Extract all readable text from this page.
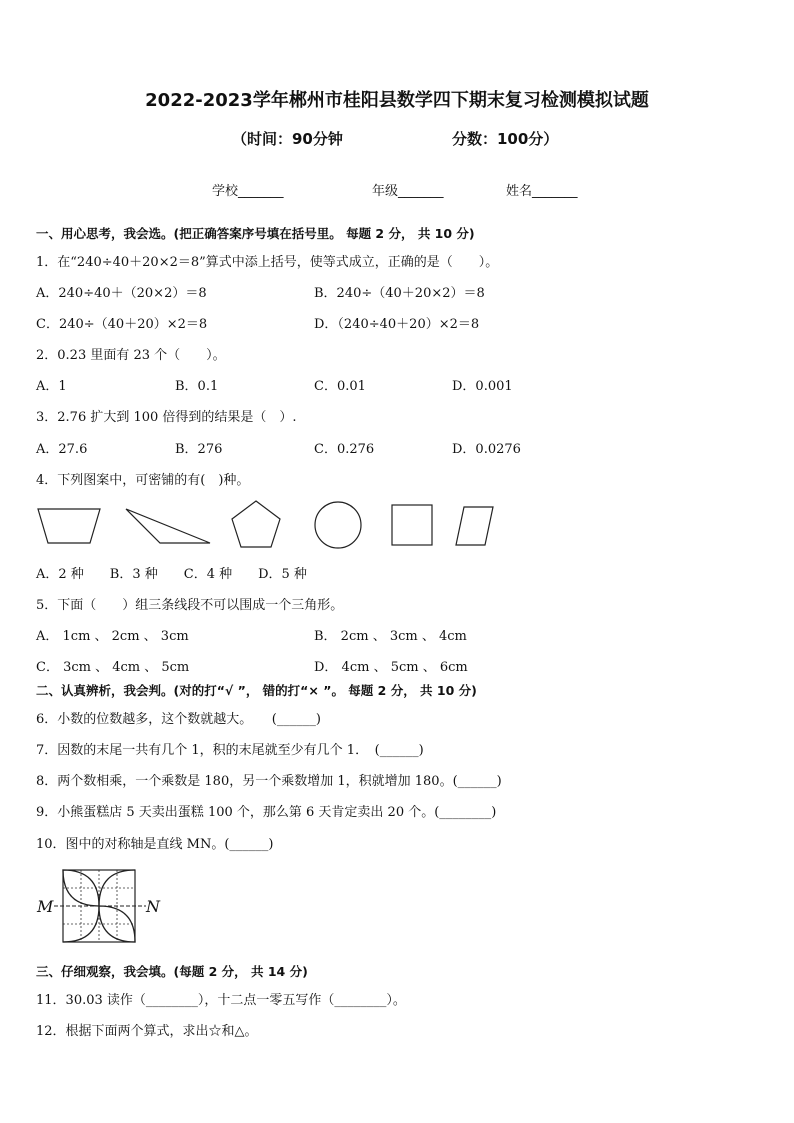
2022-2023学年郴州市桂阳县数学四下期末复习检测模拟试题
（时间：90分钟	分数：100分）
学校_______	年级_______	姓名_______
一、用心思考，我会选。(把正确答案序号填在括号里。 每题 2 分， 共 10 分)
1．在“240÷40＋20×2＝8”算式中添上括号，使等式成立，正确的是（　　）。
A．240÷40＋（20×2）＝8	B．240÷（40＋20×2）＝8
C．240÷（40＋20）×2＝8	D．（240÷40＋20）×2＝8
2．0.23 里面有 23 个（　　）。
A．1	B．0.1	C．0.01	D．0.001
3．2.76 扩大到 100 倍得到的结果是（　）.
A．27.6	B．276	C．0.276	D．0.0276
4．下列图案中，可密铺的有(　)种。
A．2 种　　B．3 种　　C．4 种　　D．5 种
5．下面（　　）组三条线段不可以围成一个三角形。
A． 1cm 、 2cm 、 3cm	B． 2cm 、 3cm 、 4cm
C． 3cm 、 4cm 、 5cm	D． 4cm 、 5cm 、 6cm
二、认真辨析，我会判。(对的打“√ ”， 错的打“× ”。 每题 2 分， 共 10 分)
6．小数的位数越多，这个数就越大。　　(______)
7．因数的末尾一共有几个 1，积的末尾就至少有几个 1．　(______)
8．两个数相乘，一个乘数是 180，另一个乘数增加 1，积就增加 180。(______)
9．小熊蛋糕店 5 天卖出蛋糕 100 个，那么第 6 天肯定卖出 20 个。(________)
10．图中的对称轴是直线 MN。(______)
M	N
三、仔细观察，我会填。(每题 2 分， 共 14 分)
11．30.03 读作（________），十二点一零五写作（________）。
12．根据下面两个算式，求出☆和△。
